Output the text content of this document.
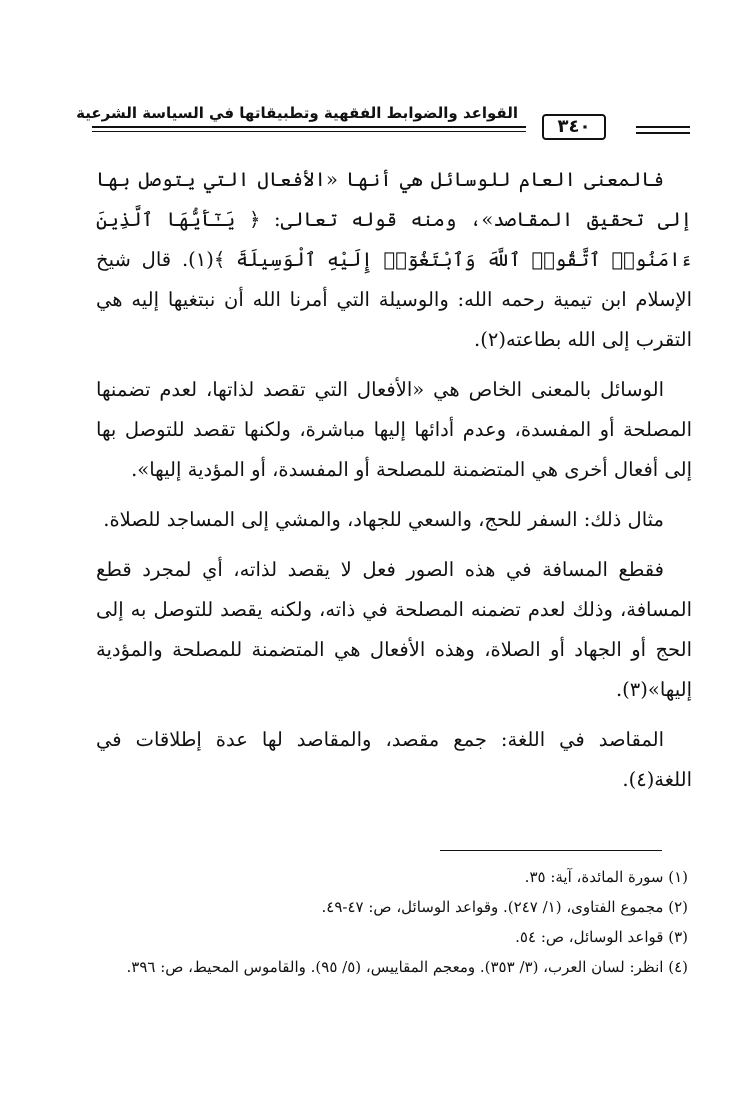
القواعد والضوابط الفقهية وتطبيقاتها في السياسة الشرعية
٣٤٠

فالمعنى العام للوسائل هي أنها «الأفعال التي يتوصل بها إلى تحقيق المقاصد»، ومنه قوله تعالى: ﴿ يَـٰٓأَيُّهَا ٱلَّذِينَ ءَامَنُوا۟ ٱتَّقُوا۟ ٱللَّهَ وَٱبْتَغُوٓا۟ إِلَيْهِ ٱلْوَسِيلَةَ ﴾(١). قال شيخ الإسلام ابن تيمية رحمه الله: والوسيلة التي أمرنا الله أن نبتغيها إليه هي التقرب إلى الله بطاعته(٢).

الوسائل بالمعنى الخاص هي «الأفعال التي تقصد لذاتها، لعدم تضمنها المصلحة أو المفسدة، وعدم أدائها إليها مباشرة، ولكنها تقصد للتوصل بها إلى أفعال أخرى هي المتضمنة للمصلحة أو المفسدة، أو المؤدية إليها».

مثال ذلك: السفر للحج، والسعي للجهاد، والمشي إلى المساجد للصلاة.

فقطع المسافة في هذه الصور فعل لا يقصد لذاته، أي لمجرد قطع المسافة، وذلك لعدم تضمنه المصلحة في ذاته، ولكنه يقصد للتوصل به إلى الحج أو الجهاد أو الصلاة، وهذه الأفعال هي المتضمنة للمصلحة والمؤدية إليها»(٣).

المقاصد في اللغة: جمع مقصد، والمقاصد لها عدة إطلاقات في اللغة(٤).

(١) سورة المائدة، آية: ٣٥.

(٢) مجموع الفتاوى، (١/ ٢٤٧). وقواعد الوسائل، ص: ٤٧-٤٩.

(٣) قواعد الوسائل، ص: ٥٤.

(٤) انظر: لسان العرب، (٣/ ٣٥٣). ومعجم المقاييس، (٥/ ٩٥). والقاموس المحيط، ص: ٣٩٦.
